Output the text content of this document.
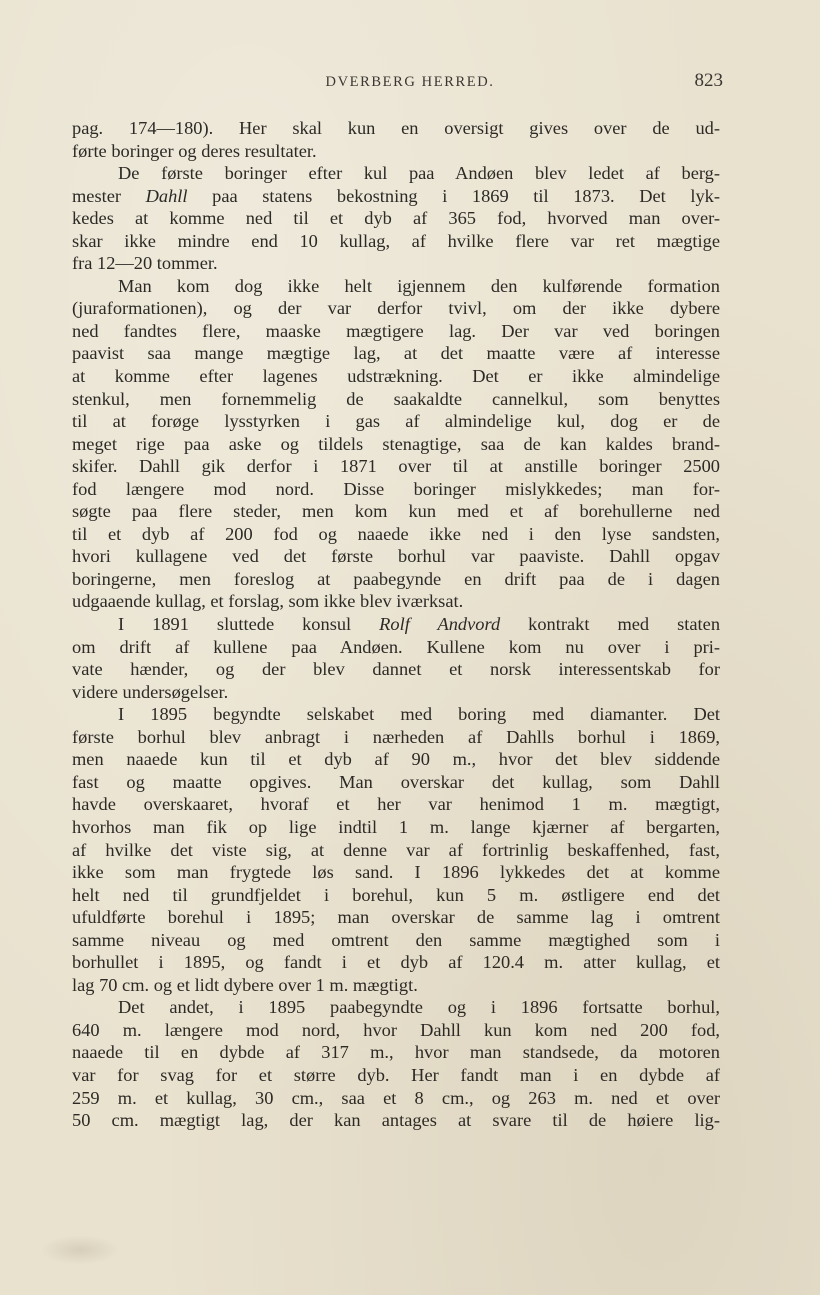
DVERBERG HERRED.	823
pag. 174—180). Her skal kun en oversigt gives over de ud-
førte boringer og deres resultater.
De første boringer efter kul paa Andøen blev ledet af berg-
mester Dahll paa statens bekostning i 1869 til 1873. Det lyk-
kedes at komme ned til et dyb af 365 fod, hvorved man over-
skar ikke mindre end 10 kullag, af hvilke flere var ret mægtige
fra 12—20 tommer.
Man kom dog ikke helt igjennem den kulførende formation
(juraformationen), og der var derfor tvivl, om der ikke dybere
ned fandtes flere, maaske mægtigere lag. Der var ved boringen
paavist saa mange mægtige lag, at det maatte være af interesse
at komme efter lagenes udstrækning. Det er ikke almindelige
stenkul, men fornemmelig de saakaldte cannelkul, som benyttes
til at forøge lysstyrken i gas af almindelige kul, dog er de
meget rige paa aske og tildels stenagtige, saa de kan kaldes brand-
skifer. Dahll gik derfor i 1871 over til at anstille boringer 2500
fod længere mod nord. Disse boringer mislykkedes; man for-
søgte paa flere steder, men kom kun med et af borehullerne ned
til et dyb af 200 fod og naaede ikke ned i den lyse sandsten,
hvori kullagene ved det første borhul var paaviste. Dahll opgav
boringerne, men foreslog at paabegynde en drift paa de i dagen
udgaaende kullag, et forslag, som ikke blev iværksat.
I 1891 sluttede konsul Rolf Andvord kontrakt med staten
om drift af kullene paa Andøen. Kullene kom nu over i pri-
vate hænder, og der blev dannet et norsk interessentskab for
videre undersøgelser.
I 1895 begyndte selskabet med boring med diamanter. Det
første borhul blev anbragt i nærheden af Dahlls borhul i 1869,
men naaede kun til et dyb af 90 m., hvor det blev siddende
fast og maatte opgives. Man overskar det kullag, som Dahll
havde overskaaret, hvoraf et her var henimod 1 m. mægtigt,
hvorhos man fik op lige indtil 1 m. lange kjærner af bergarten,
af hvilke det viste sig, at denne var af fortrinlig beskaffenhed, fast,
ikke som man frygtede løs sand. I 1896 lykkedes det at komme
helt ned til grundfjeldet i borehul, kun 5 m. østligere end det
ufuldførte borehul i 1895; man overskar de samme lag i omtrent
samme niveau og med omtrent den samme mægtighed som i
borhullet i 1895, og fandt i et dyb af 120.4 m. atter kullag, et
lag 70 cm. og et lidt dybere over 1 m. mægtigt.
Det andet, i 1895 paabegyndte og i 1896 fortsatte borhul,
640 m. længere mod nord, hvor Dahll kun kom ned 200 fod,
naaede til en dybde af 317 m., hvor man standsede, da motoren
var for svag for et større dyb. Her fandt man i en dybde af
259 m. et kullag, 30 cm., saa et 8 cm., og 263 m. ned et over
50 cm. mægtigt lag, der kan antages at svare til de høiere lig-
